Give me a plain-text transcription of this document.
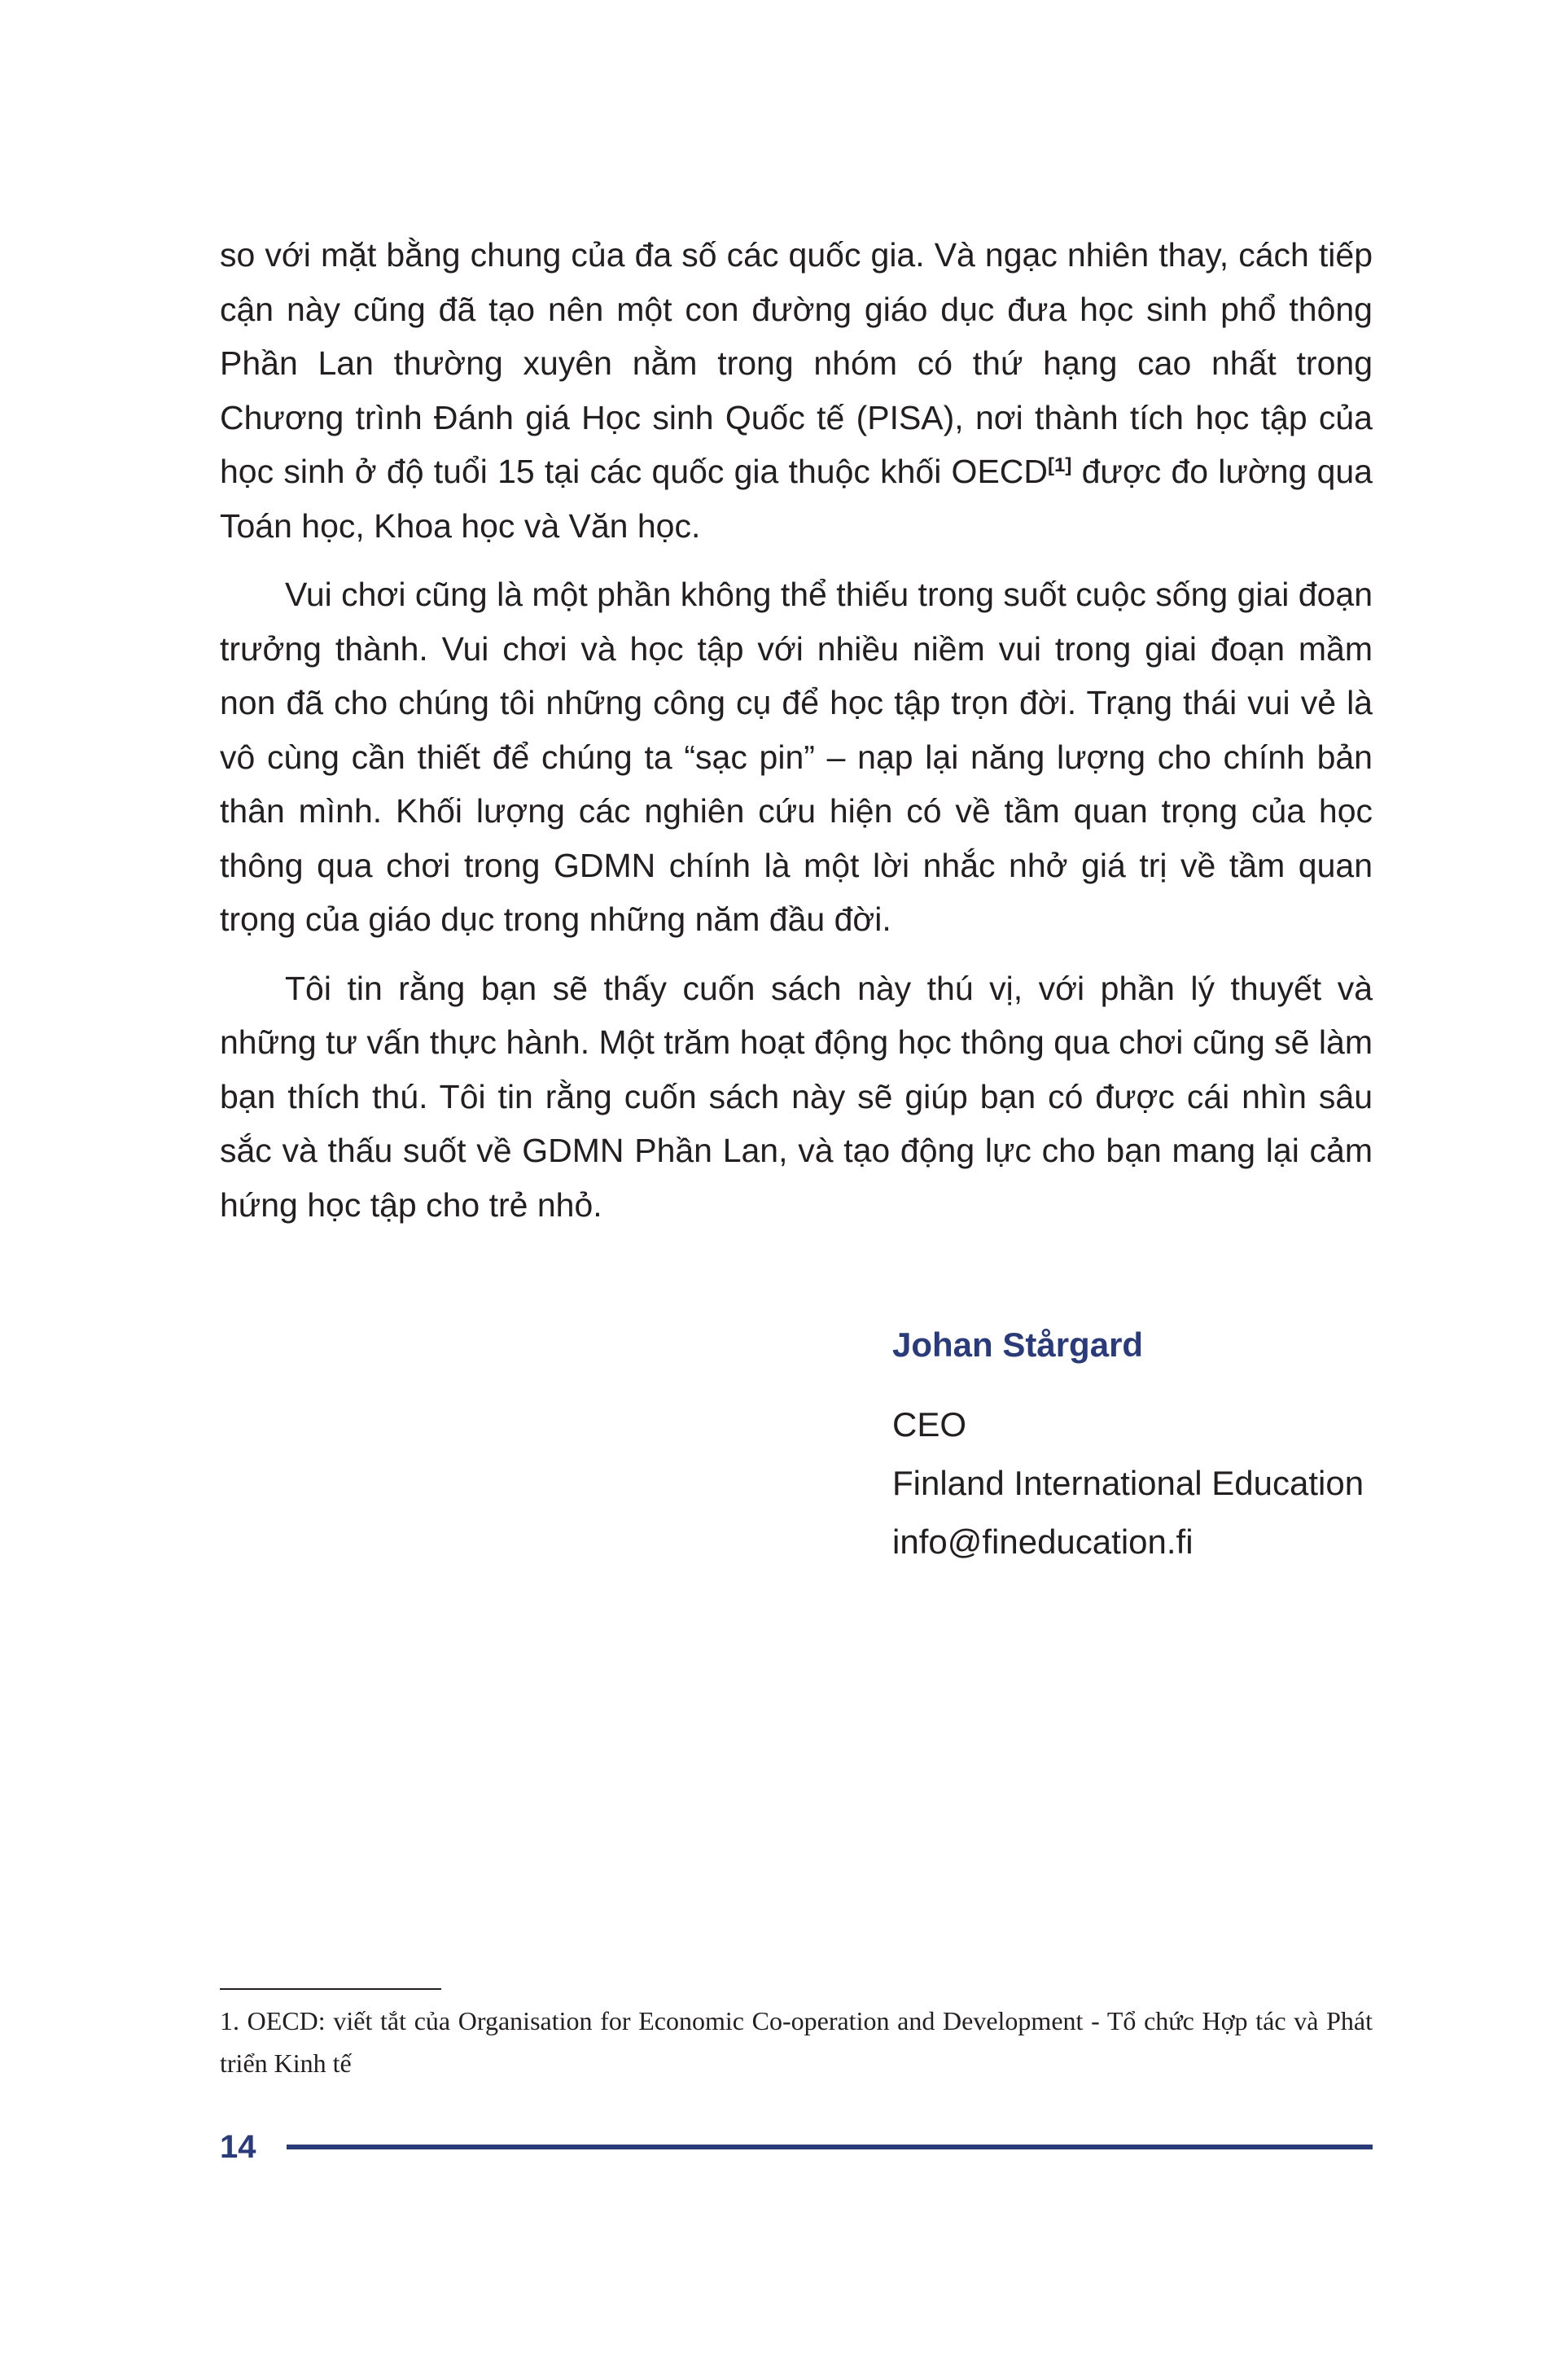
so với mặt bằng chung của đa số các quốc gia. Và ngạc nhiên thay, cách tiếp cận này cũng đã tạo nên một con đường giáo dục đưa học sinh phổ thông Phần Lan thường xuyên nằm trong nhóm có thứ hạng cao nhất trong Chương trình Đánh giá Học sinh Quốc tế (PISA), nơi thành tích học tập của học sinh ở độ tuổi 15 tại các quốc gia thuộc khối OECD[1] được đo lường qua Toán học, Khoa học và Văn học.

Vui chơi cũng là một phần không thể thiếu trong suốt cuộc sống giai đoạn trưởng thành. Vui chơi và học tập với nhiều niềm vui trong giai đoạn mầm non đã cho chúng tôi những công cụ để học tập trọn đời. Trạng thái vui vẻ là vô cùng cần thiết để chúng ta “sạc pin” – nạp lại năng lượng cho chính bản thân mình. Khối lượng các nghiên cứu hiện có về tầm quan trọng của học thông qua chơi trong GDMN chính là một lời nhắc nhở giá trị về tầm quan trọng của giáo dục trong những năm đầu đời.

Tôi tin rằng bạn sẽ thấy cuốn sách này thú vị, với phần lý thuyết và những tư vấn thực hành. Một trăm hoạt động học thông qua chơi cũng sẽ làm bạn thích thú. Tôi tin rằng cuốn sách này sẽ giúp bạn có được cái nhìn sâu sắc và thấu suốt về GDMN Phần Lan, và tạo động lực cho bạn mang lại cảm hứng học tập cho trẻ nhỏ.

Johan Stårgard

CEO

Finland International Education

info@fineducation.fi

1. OECD: viết tắt của Organisation for Economic Co-operation and Development - Tổ chức Hợp tác và Phát triển Kinh tế

14
